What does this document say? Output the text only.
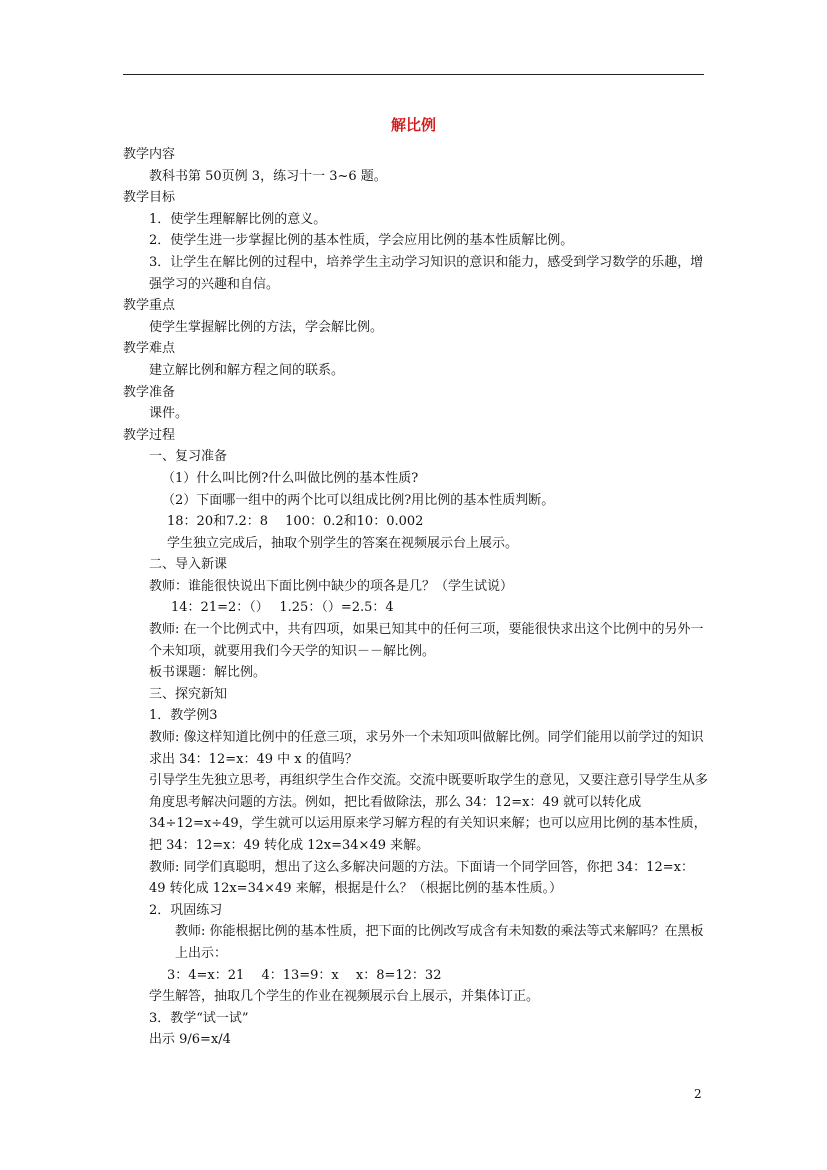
解比例
教学内容
教科书第 50页例 3，练习十一 3~6 题。
教学目标
1．使学生理解解比例的意义。
2．使学生进一步掌握比例的基本性质，学会应用比例的基本性质解比例。
3．让学生在解比例的过程中，培养学生主动学习知识的意识和能力，感受到学习数学的乐趣，增强学习的兴趣和自信。
教学重点
使学生掌握解比例的方法，学会解比例。
教学难点
建立解比例和解方程之间的联系。
教学准备
课件。
教学过程
一、复习准备
（1）什么叫比例?什么叫做比例的基本性质?
（2）下面哪一组中的两个比可以组成比例?用比例的基本性质判断。
18：20和7.2：8　 100：0.2和10：0.002
学生独立完成后，抽取个别学生的答案在视频展示台上展示。
二、导入新课
教师：谁能很快说出下面比例中缺少的项各是几？（学生试说）
14：21=2：（）　 1.25：（）=2.5：4
教师: 在一个比例式中，共有四项，如果已知其中的任何三项，要能很快求出这个比例中的另外一个未知项，就要用我们今天学的知识－－解比例。
板书课题：解比例。
三、探究新知
1．教学例3
教师: 像这样知道比例中的任意三项，求另外一个未知项叫做解比例。同学们能用以前学过的知识求出 34：12=x：49 中 x 的值吗？
引导学生先独立思考，再组织学生合作交流。交流中既要听取学生的意见，又要注意引导学生从多角度思考解决问题的方法。例如，把比看做除法，那么 34：12=x：49 就可以转化成 34÷12=x÷49，学生就可以运用原来学习解方程的有关知识来解；也可以应用比例的基本性质，把 34：12=x：49 转化成 12x=34×49 来解。
教师: 同学们真聪明，想出了这么多解决问题的方法。下面请一个同学回答，你把 34：12=x：49 转化成 12x=34×49 来解，根据是什么？（根据比例的基本性质。）
2．巩固练习
教师: 你能根据比例的基本性质，把下面的比例改写成含有未知数的乘法等式来解吗？在黑板上出示：
3：4=x：21　 4：13=9：x　 x：8=12：32
学生解答，抽取几个学生的作业在视频展示台上展示，并集体订正。
3．教学“试一试”
出示 9/6=x/4
2
